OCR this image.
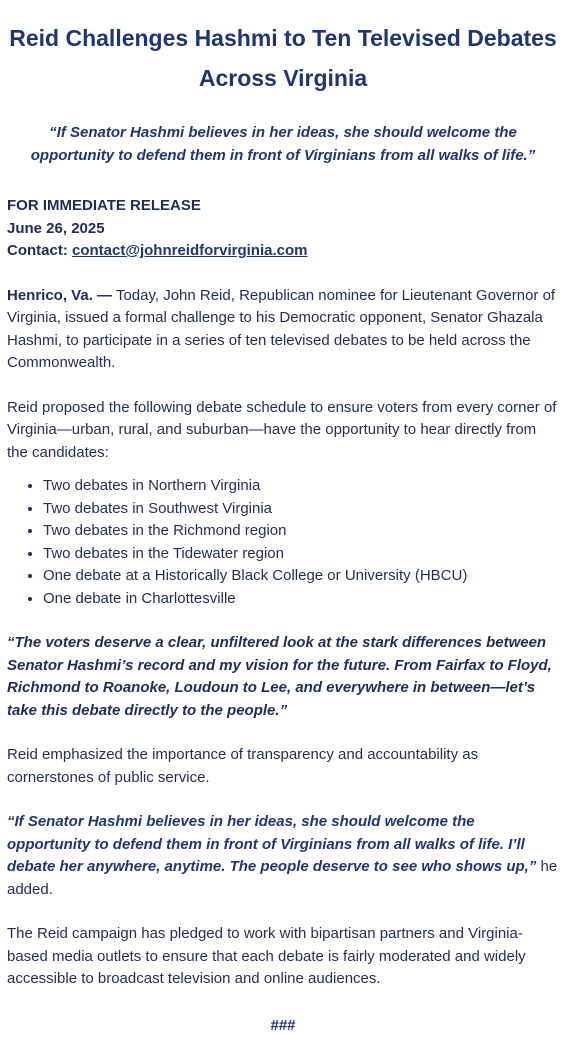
Reid Challenges Hashmi to Ten Televised Debates Across Virginia

“If Senator Hashmi believes in her ideas, she should welcome the opportunity to defend them in front of Virginians from all walks of life.”

FOR IMMEDIATE RELEASE
June 26, 2025
Contact: contact@johnreidforvirginia.com

Henrico, Va. — Today, John Reid, Republican nominee for Lieutenant Governor of Virginia, issued a formal challenge to his Democratic opponent, Senator Ghazala Hashmi, to participate in a series of ten televised debates to be held across the Commonwealth.

Reid proposed the following debate schedule to ensure voters from every corner of Virginia—urban, rural, and suburban—have the opportunity to hear directly from the candidates:

• Two debates in Northern Virginia
• Two debates in Southwest Virginia
• Two debates in the Richmond region
• Two debates in the Tidewater region
• One debate at a Historically Black College or University (HBCU)
• One debate in Charlottesville

“The voters deserve a clear, unfiltered look at the stark differences between Senator Hashmi’s record and my vision for the future. From Fairfax to Floyd, Richmond to Roanoke, Loudoun to Lee, and everywhere in between—let’s take this debate directly to the people.”

Reid emphasized the importance of transparency and accountability as cornerstones of public service.

“If Senator Hashmi believes in her ideas, she should welcome the opportunity to defend them in front of Virginians from all walks of life. I’ll debate her anywhere, anytime. The people deserve to see who shows up,” he added.

The Reid campaign has pledged to work with bipartisan partners and Virginia-based media outlets to ensure that each debate is fairly moderated and widely accessible to broadcast television and online audiences.

###
